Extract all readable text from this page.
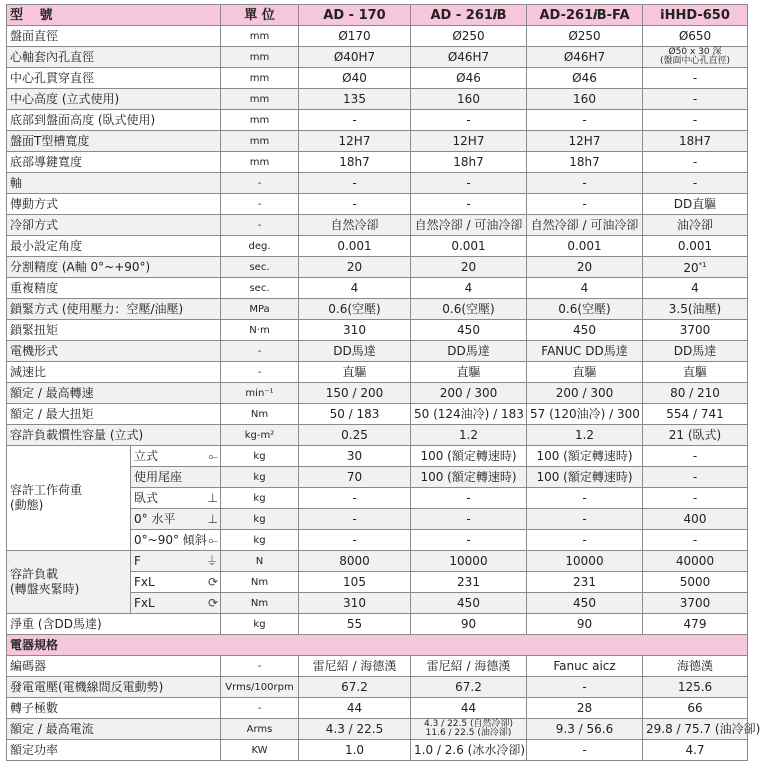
型 號		單 位	AD - 170	AD - 261𝒊B	AD-261𝒊B-FA	iHHD-650
盤面直徑		mm	Ø170	Ø250	Ø250	Ø650
心軸套內孔直徑		mm	Ø40H7	Ø46H7	Ø46H7	Ø50 x 30 深
(盤面中心孔直徑)
中心孔貫穿直徑		mm	Ø40	Ø46	Ø46	-
中心高度 (立式使用)		mm	135	160	160	-
底部到盤面高度 (臥式使用)		mm	-	-	-	-
盤面T型槽寬度		mm	12H7	12H7	12H7	18H7
底部導鍵寬度		mm	18h7	18h7	18h7	-
軸		-	-	-	-	-
傳動方式		-	-	-	-	DD直驅
冷卻方式		-	自然冷卻	自然冷卻 / 可油冷卻	自然冷卻 / 可油冷卻	油冷卻
最小設定角度		deg.	0.001	0.001	0.001	0.001
分割精度 (A軸 0°~+90°)		sec.	20	20	20	20$^{*1}$
重複精度		sec.	4	4	4	4
鎖緊方式 (使用壓力：空壓/油壓)		MPa	0.6(空壓)	0.6(空壓)	0.6(空壓)	3.5(油壓)
鎖緊扭矩		N·m	310	450	450	3700
電機形式		-	DD馬達	DD馬達	FANUC DD馬達	DD馬達
減速比		-	直驅	直驅	直驅	直驅
額定 / 最高轉速		min⁻¹	150 / 200	200 / 300	200 / 300	80 / 210
額定 / 最大扭矩		Nm	50 / 183	50 (124油冷) / 183	57 (120油冷) / 300	554 / 741
容許負載慣性容量 (立式)		kg-m²	0.25	1.2	1.2	21 (臥式)
容許工作荷重
(動態)	立式 ⟜	kg	30	100 (額定轉速時)	100 (額定轉速時)	-
	使用尾座	kg	70	100 (額定轉速時)	100 (額定轉速時)	-
	臥式 ⊥	kg	-	-	-	-
	0° 水平 ⊥	kg	-	-	-	400
	0°~90° 傾斜 ⟜	kg	-	-	-	-
容許負載
(轉盤夾緊時)	F ⏚	N	8000	10000	10000	40000
	FxL ⟳	Nm	105	231	231	5000
	FxL ⟳	Nm	310	450	450	3700
淨重 (含DD馬達)		kg	55	90	90	479
電器規格						
編碼器		-	雷尼紹 / 海德漢	雷尼紹 / 海德漢	Fanuc aicz	海德漢
發電電壓(電機線間反電動勢)		Vrms/100rpm	67.2	67.2	-	125.6
轉子極數		-	44	44	28	66
額定 / 最高電流		Arms	4.3 / 22.5	4.3 / 22.5 (自然冷卻)
11.6 / 22.5 (油冷卻)	9.3 / 56.6	29.8 / 75.7 (油冷卻)
額定功率		KW	1.0	1.0 / 2.6 (冰水冷卻)	-	4.7
